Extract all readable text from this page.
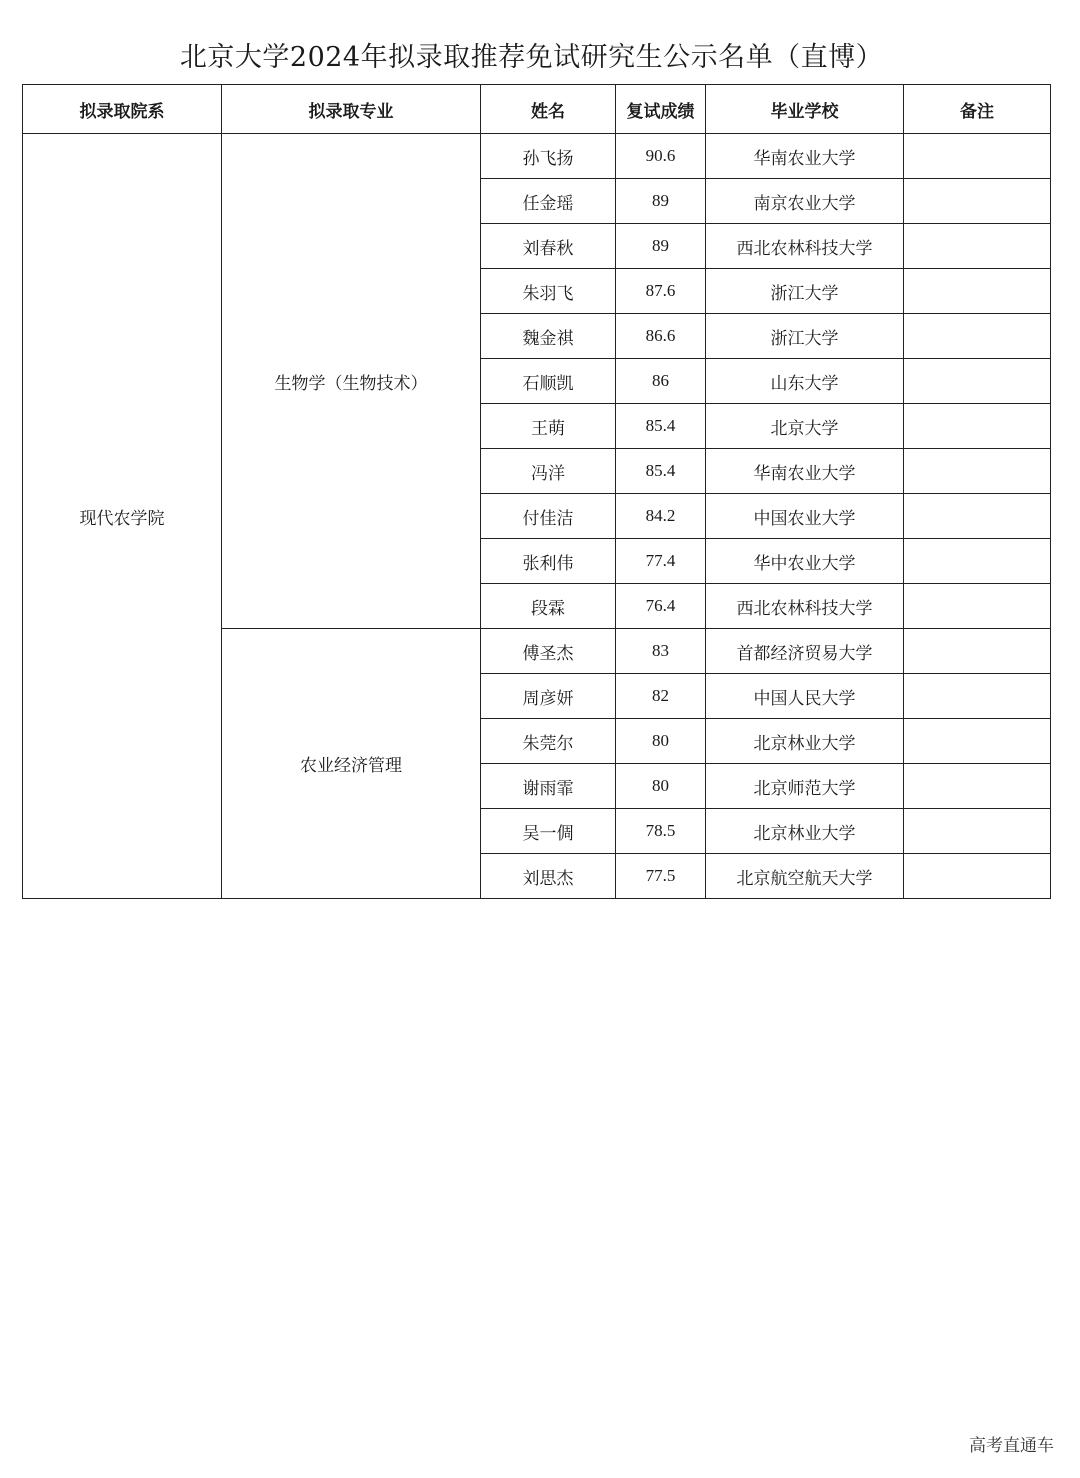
北京大学2024年拟录取推荐免试研究生公示名单（直博）
拟录取院系	拟录取专业	姓名	复试成绩	毕业学校	备注
现代农学院	生物学（生物技术）	孙飞扬	90.6	华南农业大学	
		任金瑶	89	南京农业大学	
		刘春秋	89	西北农林科技大学	
		朱羽飞	87.6	浙江大学	
		魏金祺	86.6	浙江大学	
		石顺凯	86	山东大学	
		王萌	85.4	北京大学	
		冯洋	85.4	华南农业大学	
		付佳洁	84.2	中国农业大学	
		张利伟	77.4	华中农业大学	
		段霖	76.4	西北农林科技大学	
	农业经济管理	傅圣杰	83	首都经济贸易大学	
		周彦妍	82	中国人民大学	
		朱莞尔	80	北京林业大学	
		谢雨霏	80	北京师范大学	
		吴一倜	78.5	北京林业大学	
		刘思杰	77.5	北京航空航天大学	
高考直通车
